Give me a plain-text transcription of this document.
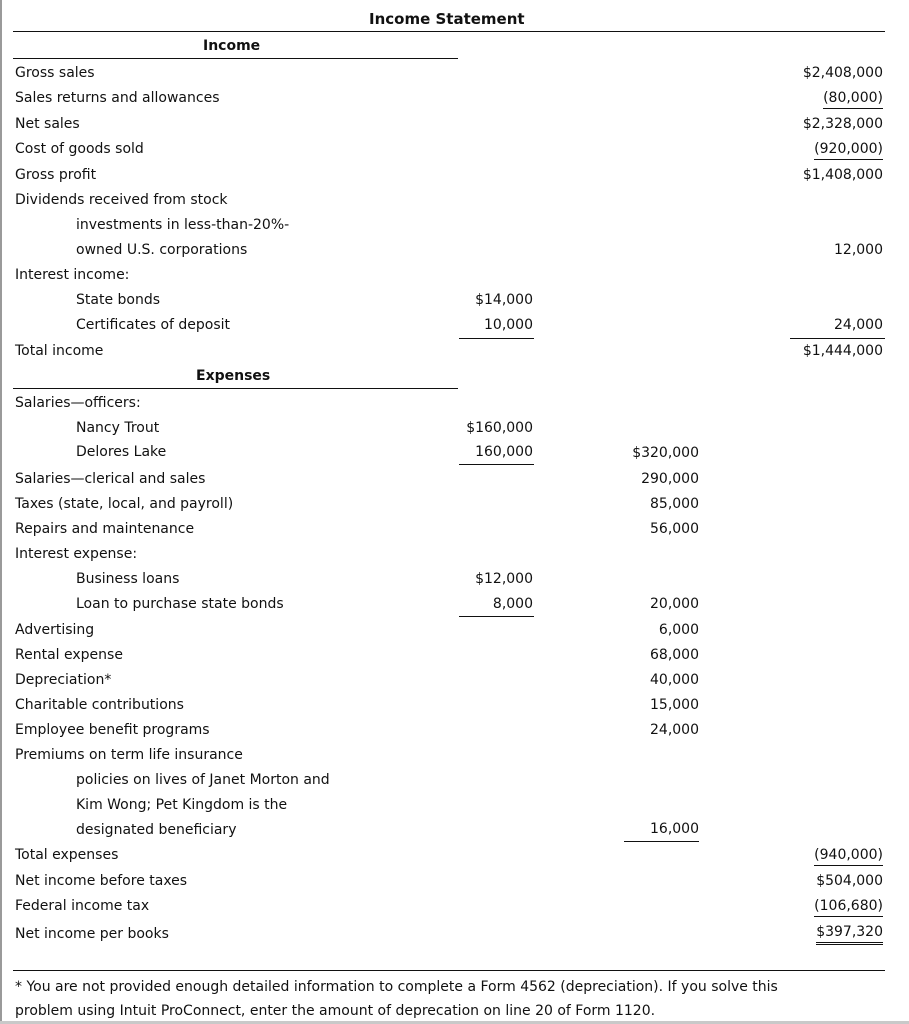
Income Statement
Income
Gross sales	$2,408,000
Sales returns and allowances	(80,000)
Net sales	$2,328,000
Cost of goods sold	(920,000)
Gross profit	$1,408,000
Dividends received from stock
investments in less-than-20%-
owned U.S. corporations	12,000
Interest income:
State bonds	$14,000
Certificates of deposit	10,000	24,000
Total income	$1,444,000
Expenses
Salaries—officers:
Nancy Trout	$160,000
Delores Lake	160,000	$320,000
Salaries—clerical and sales	290,000
Taxes (state, local, and payroll)	85,000
Repairs and maintenance	56,000
Interest expense:
Business loans	$12,000
Loan to purchase state bonds	8,000	20,000
Advertising	6,000
Rental expense	68,000
Depreciation*	40,000
Charitable contributions	15,000
Employee benefit programs	24,000
Premiums on term life insurance
policies on lives of Janet Morton and
Kim Wong; Pet Kingdom is the
designated beneficiary	16,000
Total expenses	(940,000)
Net income before taxes	$504,000
Federal income tax	(106,680)
Net income per books	$397,320
* You are not provided enough detailed information to complete a Form 4562 (depreciation). If you solve this
problem using Intuit ProConnect, enter the amount of deprecation on line 20 of Form 1120.
